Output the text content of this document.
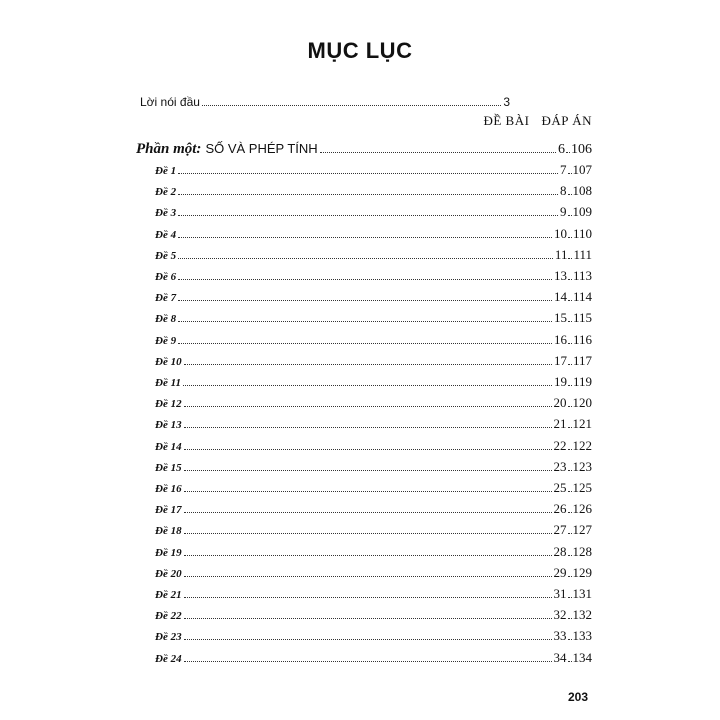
MỤC LỤC
Lời nói đầu	3
ĐỀ BÀI ĐÁP ÁN
Phần một: SỐ VÀ PHÉP TÍNH	6 106
Đề 1	7 107
Đề 2	8 108
Đề 3	9 109
Đề 4	10 110
Đề 5	11 111
Đề 6	13 113
Đề 7	14 114
Đề 8	15 115
Đề 9	16 116
Đề 10	17 117
Đề 11	19 119
Đề 12	20 120
Đề 13	21 121
Đề 14	22 122
Đề 15	23 123
Đề 16	25 125
Đề 17	26 126
Đề 18	27 127
Đề 19	28 128
Đề 20	29 129
Đề 21	31 131
Đề 22	32 132
Đề 23	33 133
Đề 24	34 134
203
